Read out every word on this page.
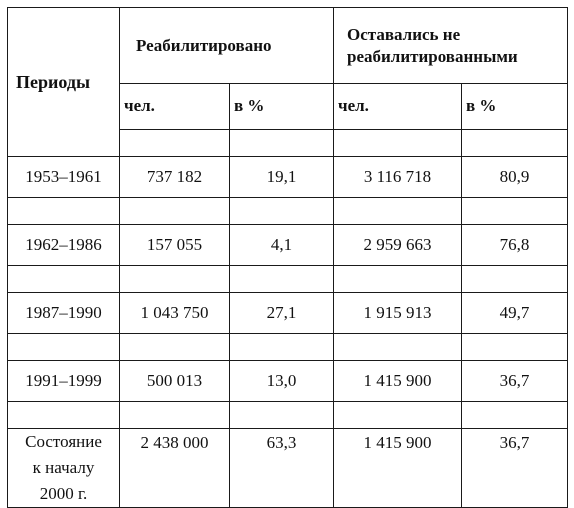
Периоды	Реабилитировано		Оставались не
реабилитированными	
	чел.	в %	чел.	в %

1953–1961	737 182	19,1	3 116 718	80,9

1962–1986	157 055	4,1	2 959 663	76,8

1987–1990	1 043 750	27,1	1 915 913	49,7

1991–1999	500 013	13,0	1 415 900	36,7

Состояние
к началу
2000 г.	2 438 000	63,3	1 415 900	36,7
